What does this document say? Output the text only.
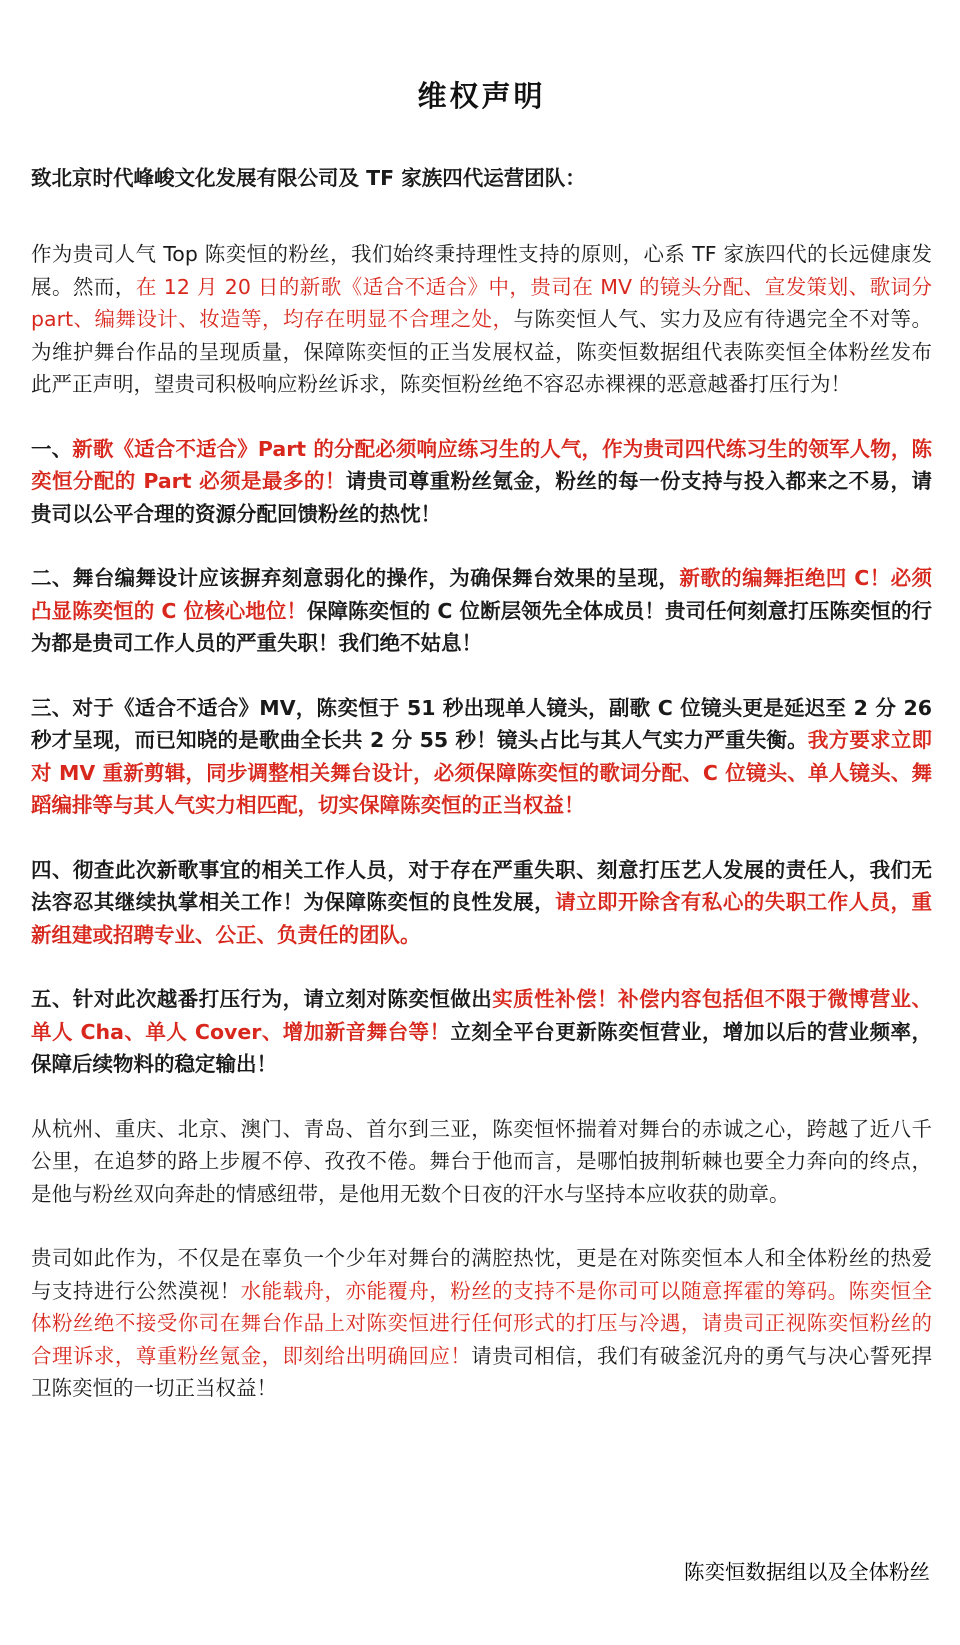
维权声明
致北京时代峰峻文化发展有限公司及 TF 家族四代运营团队：

作为贵司人气 Top 陈奕恒的粉丝，我们始终秉持理性支持的原则，心系 TF 家族四代的长远健康发展。然而，在 12 月 20 日的新歌《适合不适合》中，贵司在 MV 的镜头分配、宣发策划、歌词分 part、编舞设计、妆造等，均存在明显不合理之处，与陈奕恒人气、实力及应有待遇完全不对等。为维护舞台作品的呈现质量，保障陈奕恒的正当发展权益，陈奕恒数据组代表陈奕恒全体粉丝发布此严正声明，望贵司积极响应粉丝诉求，陈奕恒粉丝绝不容忍赤裸裸的恶意越番打压行为！

一、新歌《适合不适合》Part 的分配必须响应练习生的人气，作为贵司四代练习生的领军人物，陈奕恒分配的 Part 必须是最多的！请贵司尊重粉丝氪金，粉丝的每一份支持与投入都来之不易，请贵司以公平合理的资源分配回馈粉丝的热忱！

二、舞台编舞设计应该摒弃刻意弱化的操作，为确保舞台效果的呈现，新歌的编舞拒绝凹 C！必须凸显陈奕恒的 C 位核心地位！保障陈奕恒的 C 位断层领先全体成员！贵司任何刻意打压陈奕恒的行为都是贵司工作人员的严重失职！我们绝不姑息！

三、对于《适合不适合》MV，陈奕恒于 51 秒出现单人镜头，副歌 C 位镜头更是延迟至 2 分 26 秒才呈现，而已知晓的是歌曲全长共 2 分 55 秒！镜头占比与其人气实力严重失衡。我方要求立即对 MV 重新剪辑，同步调整相关舞台设计，必须保障陈奕恒的歌词分配、C 位镜头、单人镜头、舞蹈编排等与其人气实力相匹配，切实保障陈奕恒的正当权益！

四、彻查此次新歌事宜的相关工作人员，对于存在严重失职、刻意打压艺人发展的责任人，我们无法容忍其继续执掌相关工作！为保障陈奕恒的良性发展，请立即开除含有私心的失职工作人员，重新组建或招聘专业、公正、负责任的团队。

五、针对此次越番打压行为，请立刻对陈奕恒做出实质性补偿！补偿内容包括但不限于微博营业、单人 Cha、单人 Cover、增加新音舞台等！立刻全平台更新陈奕恒营业，增加以后的营业频率，保障后续物料的稳定输出！

从杭州、重庆、北京、澳门、青岛、首尔到三亚，陈奕恒怀揣着对舞台的赤诚之心，跨越了近八千公里，在追梦的路上步履不停、孜孜不倦。舞台于他而言，是哪怕披荆斩棘也要全力奔向的终点，是他与粉丝双向奔赴的情感纽带，是他用无数个日夜的汗水与坚持本应收获的勋章。

贵司如此作为，不仅是在辜负一个少年对舞台的满腔热忱，更是在对陈奕恒本人和全体粉丝的热爱与支持进行公然漠视！水能载舟，亦能覆舟，粉丝的支持不是你司可以随意挥霍的筹码。陈奕恒全体粉丝绝不接受你司在舞台作品上对陈奕恒进行任何形式的打压与冷遇，请贵司正视陈奕恒粉丝的合理诉求，尊重粉丝氪金，即刻给出明确回应！请贵司相信，我们有破釜沉舟的勇气与决心誓死捍卫陈奕恒的一切正当权益！

陈奕恒数据组以及全体粉丝
